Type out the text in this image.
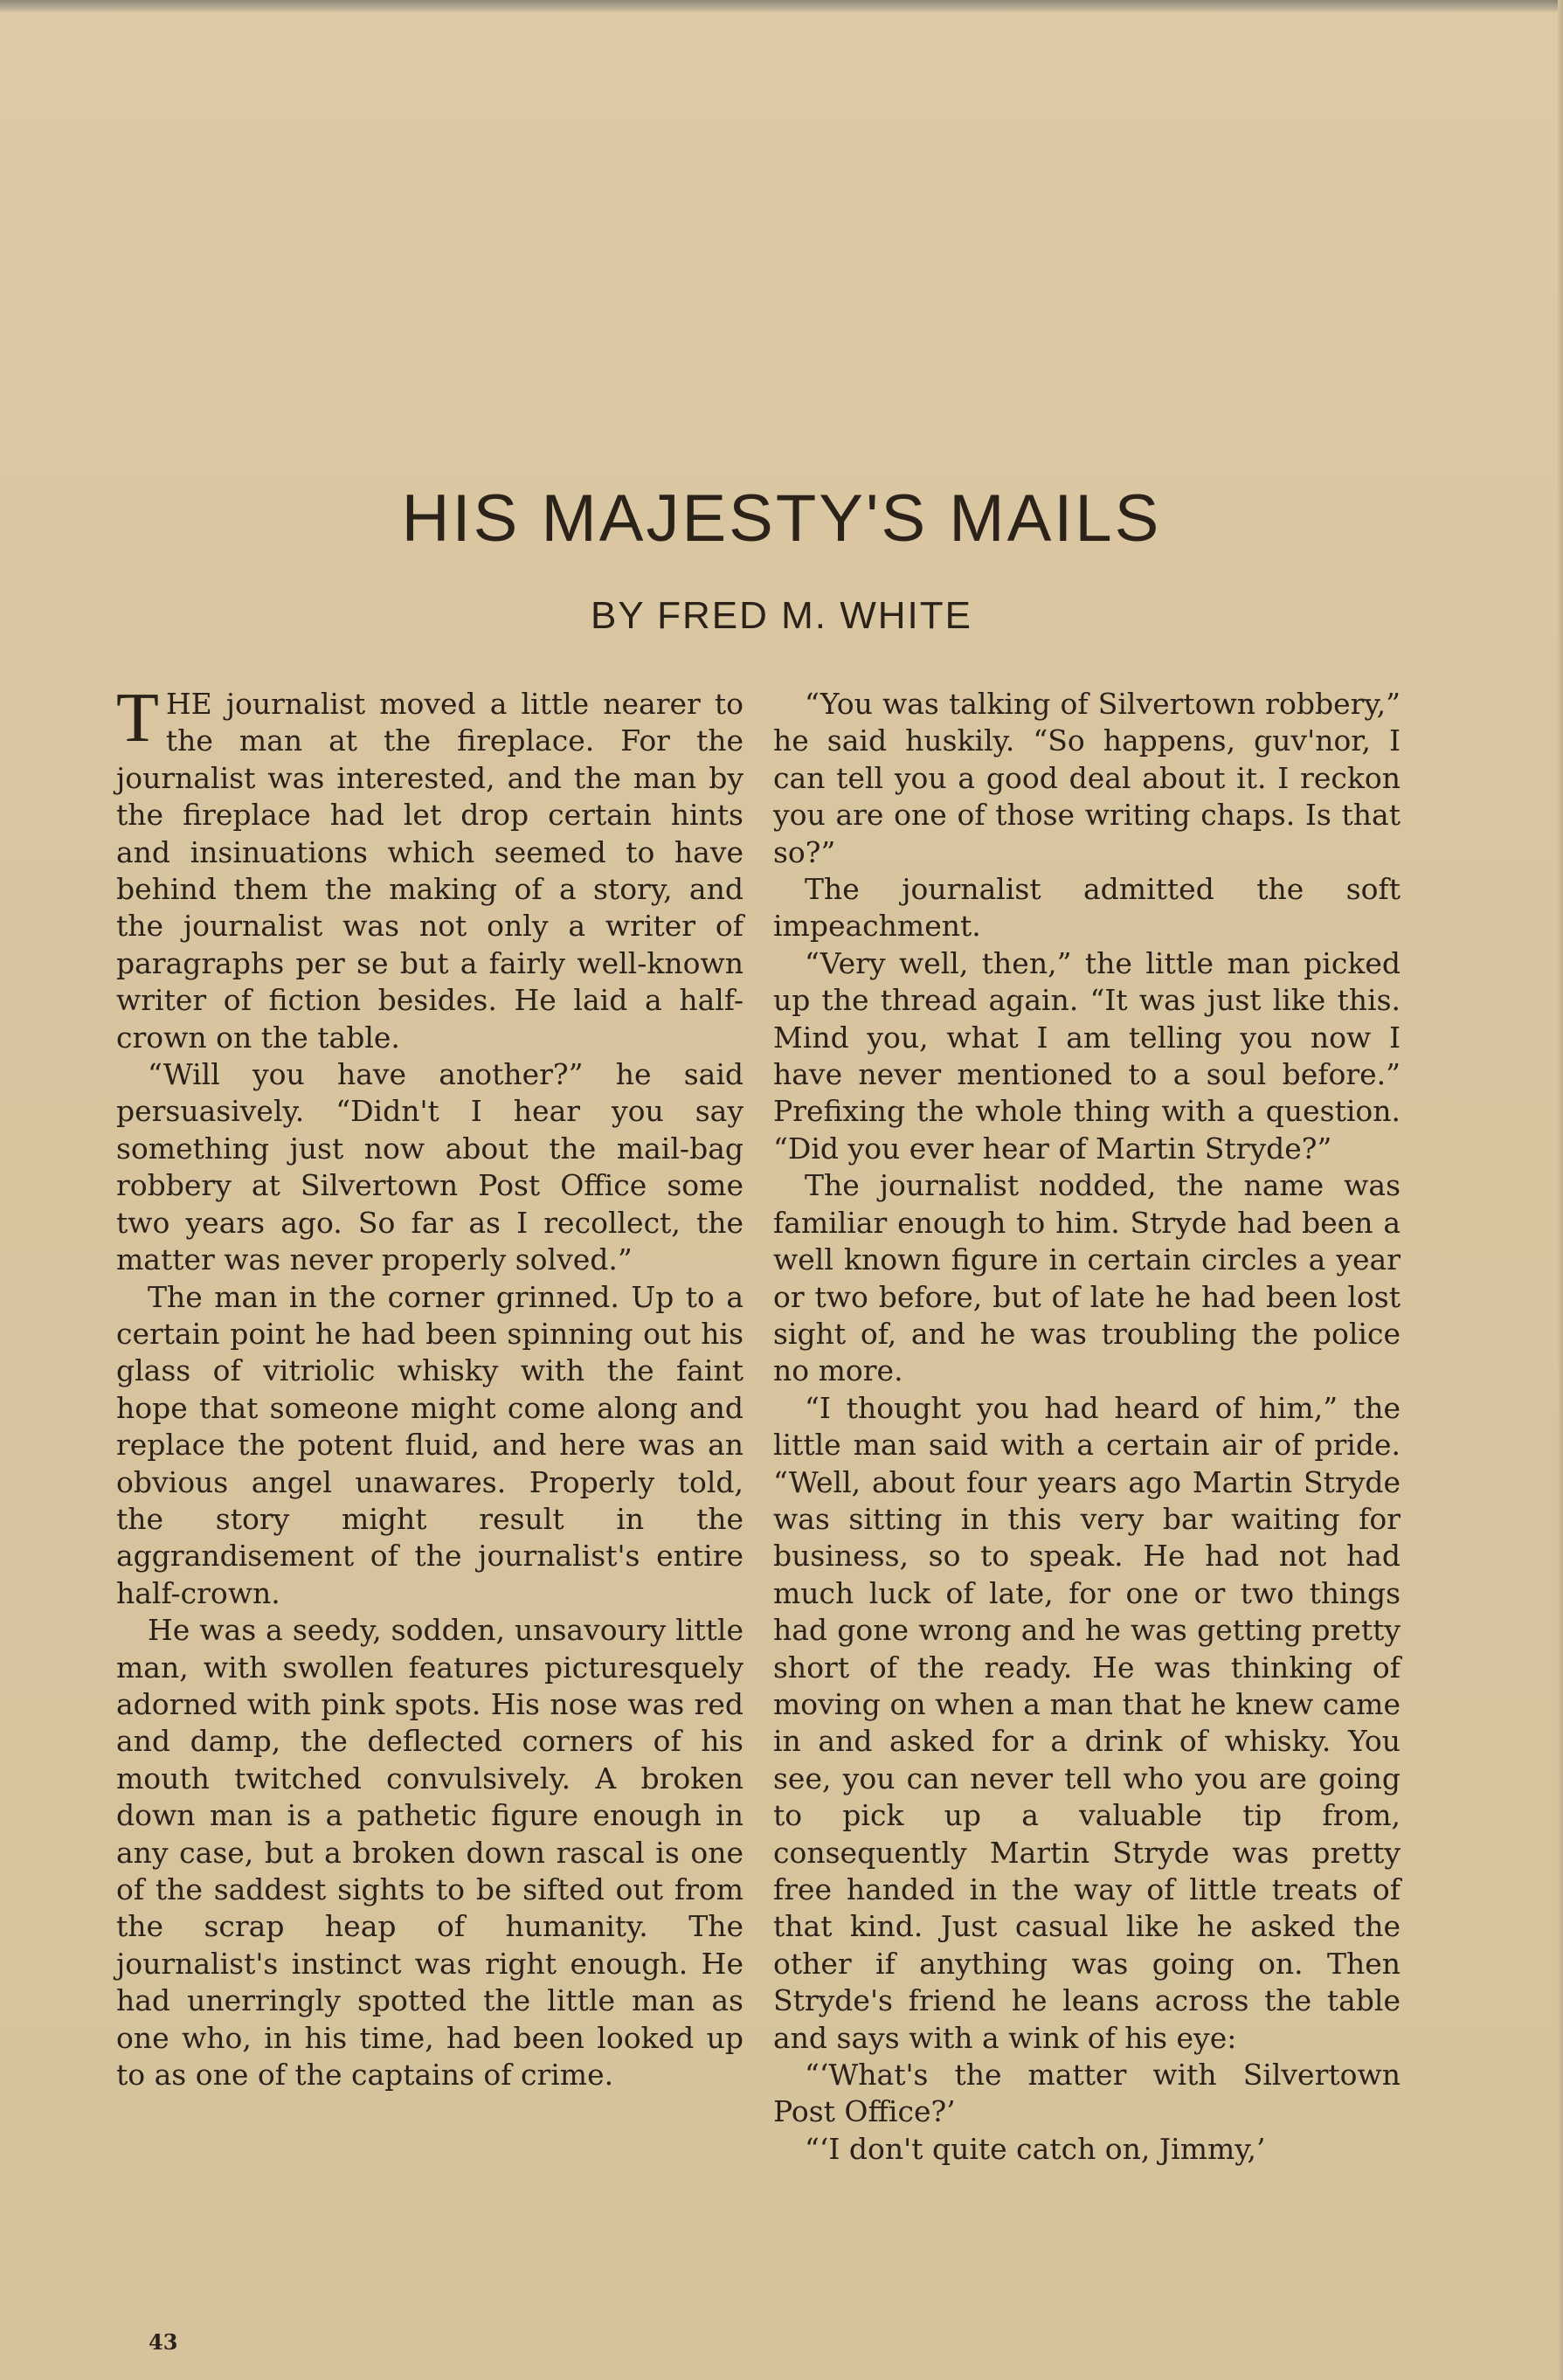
HIS MAJESTY'S MAILS
BY FRED M. WHITE

THE journalist moved a little nearer to the man at the fireplace. For the journalist was interested, and the man by the fireplace had let drop certain hints and insinuations which seemed to have behind them the making of a story, and the journalist was not only a writer of paragraphs per se but a fairly well-known writer of fiction besides. He laid a half-crown on the table.

“Will you have another?” he said persuasively. “Didn't I hear you say something just now about the mail-bag robbery at Silvertown Post Office some two years ago. So far as I recollect, the matter was never properly solved.”

The man in the corner grinned. Up to a certain point he had been spinning out his glass of vitriolic whisky with the faint hope that someone might come along and replace the potent fluid, and here was an obvious angel unawares. Properly told, the story might result in the aggrandisement of the journalist's entire half-crown.

He was a seedy, sodden, unsavoury little man, with swollen features picturesquely adorned with pink spots. His nose was red and damp, the deflected corners of his mouth twitched convulsively. A broken down man is a pathetic figure enough in any case, but a broken down rascal is one of the saddest sights to be sifted out from the scrap heap of humanity. The journalist's instinct was right enough. He had unerringly spotted the little man as one who, in his time, had been looked up to as one of the captains of crime.

“You was talking of Silvertown robbery,” he said huskily. “So happens, guv'nor, I can tell you a good deal about it. I reckon you are one of those writing chaps. Is that so?”

The journalist admitted the soft impeachment.

“Very well, then,” the little man picked up the thread again. “It was just like this. Mind you, what I am telling you now I have never mentioned to a soul before.” Prefixing the whole thing with a question. “Did you ever hear of Martin Stryde?”

The journalist nodded, the name was familiar enough to him. Stryde had been a well known figure in certain circles a year or two before, but of late he had been lost sight of, and he was troubling the police no more.

“I thought you had heard of him,” the little man said with a certain air of pride. “Well, about four years ago Martin Stryde was sitting in this very bar waiting for business, so to speak. He had not had much luck of late, for one or two things had gone wrong and he was getting pretty short of the ready. He was thinking of moving on when a man that he knew came in and asked for a drink of whisky. You see, you can never tell who you are going to pick up a valuable tip from, consequently Martin Stryde was pretty free handed in the way of little treats of that kind. Just casual like he asked the other if anything was going on. Then Stryde's friend he leans across the table and says with a wink of his eye:

“‘What's the matter with Silvertown Post Office?’

“‘I don't quite catch on, Jimmy,’

43
